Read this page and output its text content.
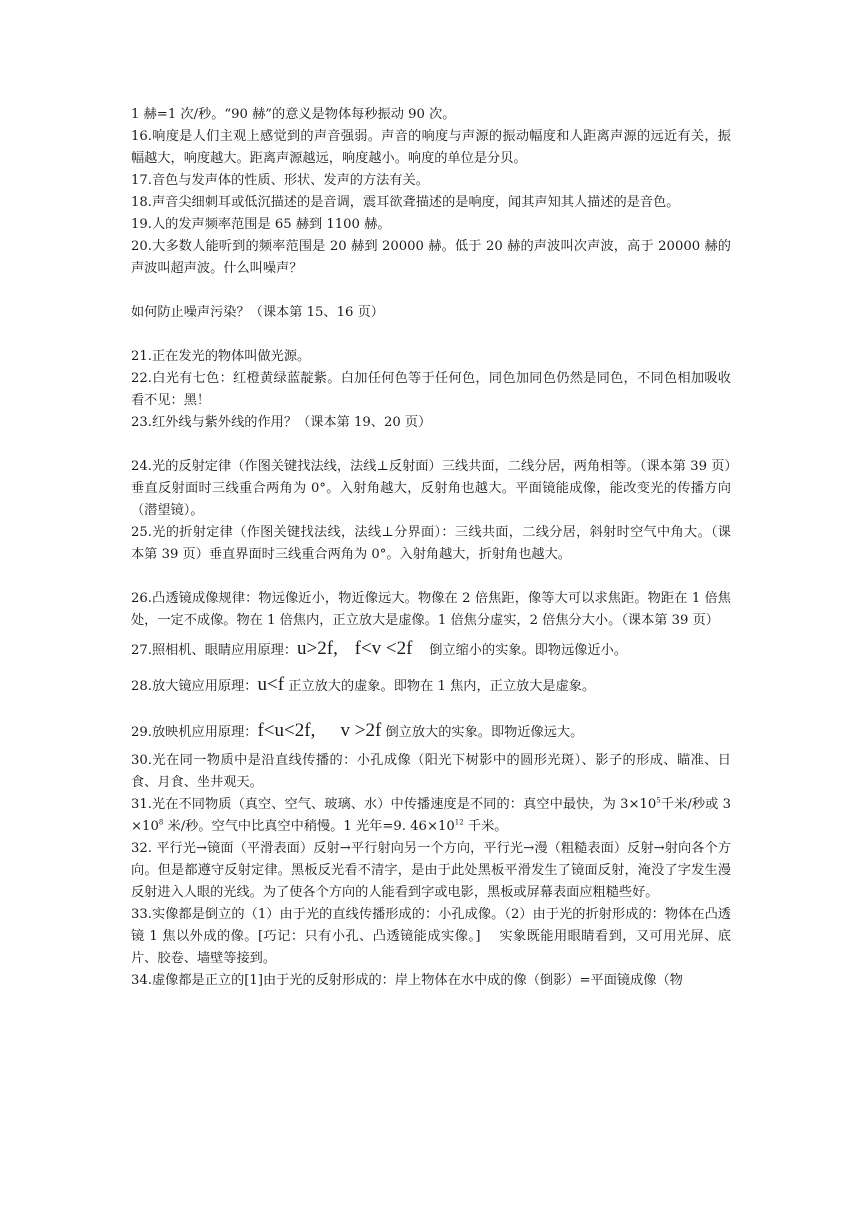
1 赫=1 次/秒。“90 赫”的意义是物体每秒振动 90 次。

16.响度是人们主观上感觉到的声音强弱。声音的响度与声源的振动幅度和人距离声源的远近有关，振幅越大，响度越大。距离声源越远，响度越小。响度的单位是分贝。

17.音色与发声体的性质、形状、发声的方法有关。

18.声音尖细刺耳或低沉描述的是音调，震耳欲聋描述的是响度，闻其声知其人描述的是音色。

19.人的发声频率范围是 65 赫到 1100 赫。

20.大多数人能听到的频率范围是 20 赫到 20000 赫。低于 20 赫的声波叫次声波，高于 20000 赫的声波叫超声波。什么叫噪声？

如何防止噪声污染？（课本第 15、16 页）

21.正在发光的物体叫做光源。

22.白光有七色：红橙黄绿蓝靛紫。白加任何色等于任何色，同色加同色仍然是同色，不同色相加吸收看不见：黑！

23.红外线与紫外线的作用？（课本第 19、20 页）

24.光的反射定律（作图关键找法线，法线⊥反射面）三线共面，二线分居，两角相等。（课本第 39 页）垂直反射面时三线重合两角为 0°。入射角越大，反射角也越大。平面镜能成像，能改变光的传播方向（潜望镜）。

25.光的折射定律（作图关键找法线，法线⊥分界面）：三线共面，二线分居，斜射时空气中角大。（课本第 39 页）垂直界面时三线重合两角为 0°。入射角越大，折射角也越大。

26.凸透镜成像规律：物远像近小，物近像远大。物像在 2 倍焦距，像等大可以求焦距。物距在 1 倍焦处，一定不成像。物在 1 倍焦内，正立放大是虚像。1 倍焦分虚实，2 倍焦分大小。（课本第 39 页）

27.照相机、眼睛应用原理：u>2f, f<v <2f 倒立缩小的实象。即物远像近小。

28.放大镜应用原理：u<f 正立放大的虚象。即物在 1 焦内，正立放大是虚象。

29.放映机应用原理：f<u<2f, v >2f 倒立放大的实象。即物近像远大。

30.光在同一物质中是沿直线传播的：小孔成像（阳光下树影中的圆形光斑）、影子的形成、瞄准、日食、月食、坐井观天。

31.光在不同物质（真空、空气、玻璃、水）中传播速度是不同的：真空中最快，为 $3\times 10^5$千米/秒或 $3\times 10^8$ 米/秒。空气中比真空中稍慢。1 光年=9. $46\times 10^{12}$ 千米。

32. 平行光→镜面（平滑表面）反射→平行射向另一个方向，平行光→漫（粗糙表面）反射→射向各个方向。但是都遵守反射定律。黑板反光看不清字，是由于此处黑板平滑发生了镜面反射，淹没了字发生漫反射进入人眼的光线。为了使各个方向的人能看到字或电影，黑板或屏幕表面应粗糙些好。

33.实像都是倒立的（1）由于光的直线传播形成的：小孔成像。（2）由于光的折射形成的：物体在凸透镜 1 焦以外成的像。[巧记：只有小孔、凸透镜能成实像。]　 实象既能用眼睛看到，又可用光屏、底片、胶卷、墙壁等接到。

34.虚像都是正立的[1]由于光的反射形成的：岸上物体在水中成的像（倒影）=平面镜成像（物
